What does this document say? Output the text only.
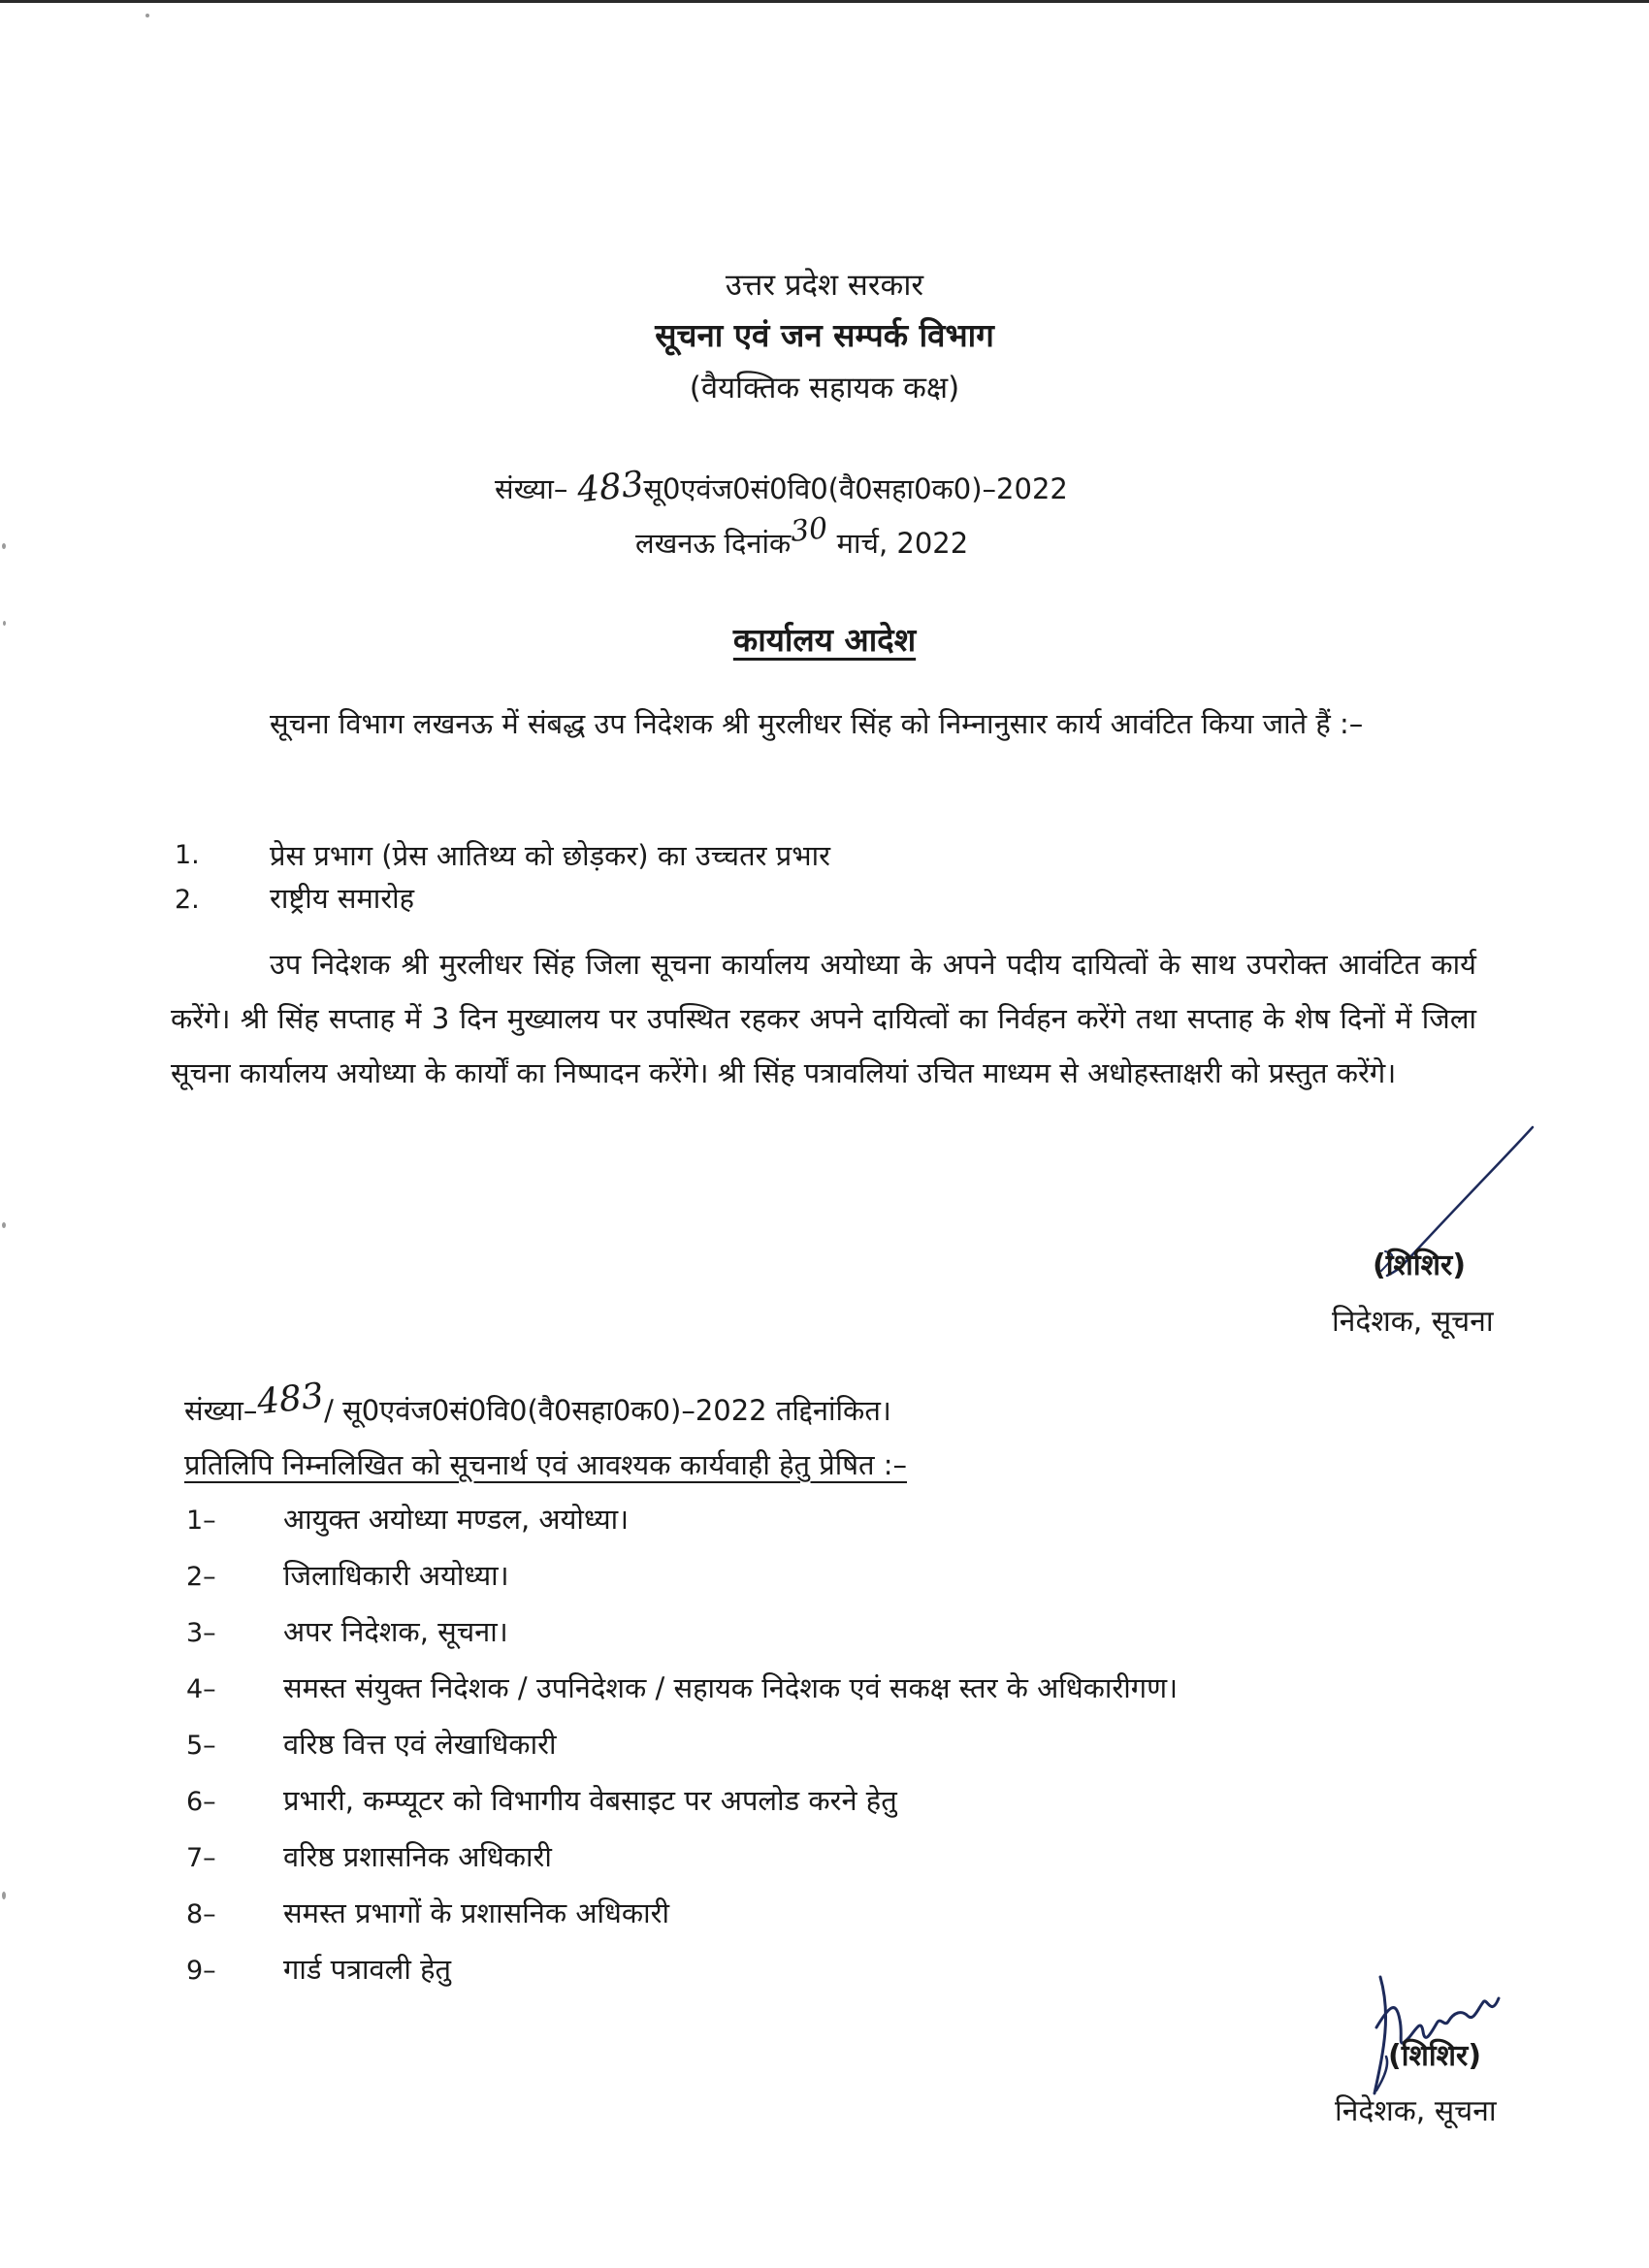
उत्तर प्रदेश सरकार
सूचना एवं जन सम्पर्क विभाग
(वैयक्तिक सहायक कक्ष)
संख्या– 483सू0एवंज0सं0वि0(वै0सहा0क0)–2022
लखनऊ दिनांक30 मार्च, 2022
कार्यालय आदेश
सूचना विभाग लखनऊ में संबद्ध उप निदेशक श्री मुरलीधर सिंह को निम्नानुसार कार्य आवंटित किया जाते हैं :–
1. प्रेस प्रभाग (प्रेस आतिथ्य को छोड़कर) का उच्चतर प्रभार
2. राष्ट्रीय समारोह
उप निदेशक श्री मुरलीधर सिंह जिला सूचना कार्यालय अयोध्या के अपने पदीय दायित्वों के साथ उपरोक्त आवंटित कार्य करेंगे। श्री सिंह सप्ताह में 3 दिन मुख्यालय पर उपस्थित रहकर अपने दायित्वों का निर्वहन करेंगे तथा सप्ताह के शेष दिनों में जिला सूचना कार्यालय अयोध्या के कार्यों का निष्पादन करेंगे। श्री सिंह पत्रावलियां उचित माध्यम से अधोहस्ताक्षरी को प्रस्तुत करेंगे।
(शिशिर)
निदेशक, सूचना
संख्या–483/ सू0एवंज0सं0वि0(वै0सहा0क0)–2022 तद्दिनांकित।
प्रतिलिपि निम्नलिखित को सूचनार्थ एवं आवश्यक कार्यवाही हेतु प्रेषित :–
1– आयुक्त अयोध्या मण्डल, अयोध्या।
2– जिलाधिकारी अयोध्या।
3– अपर निदेशक, सूचना।
4– समस्त संयुक्त निदेशक / उपनिदेशक / सहायक निदेशक एवं सकक्ष स्तर के अधिकारीगण।
5– वरिष्ठ वित्त एवं लेखाधिकारी
6– प्रभारी, कम्प्यूटर को विभागीय वेबसाइट पर अपलोड करने हेतु
7– वरिष्ठ प्रशासनिक अधिकारी
8– समस्त प्रभागों के प्रशासनिक अधिकारी
9– गार्ड पत्रावली हेतु
(शिशिर)
निदेशक, सूचना
